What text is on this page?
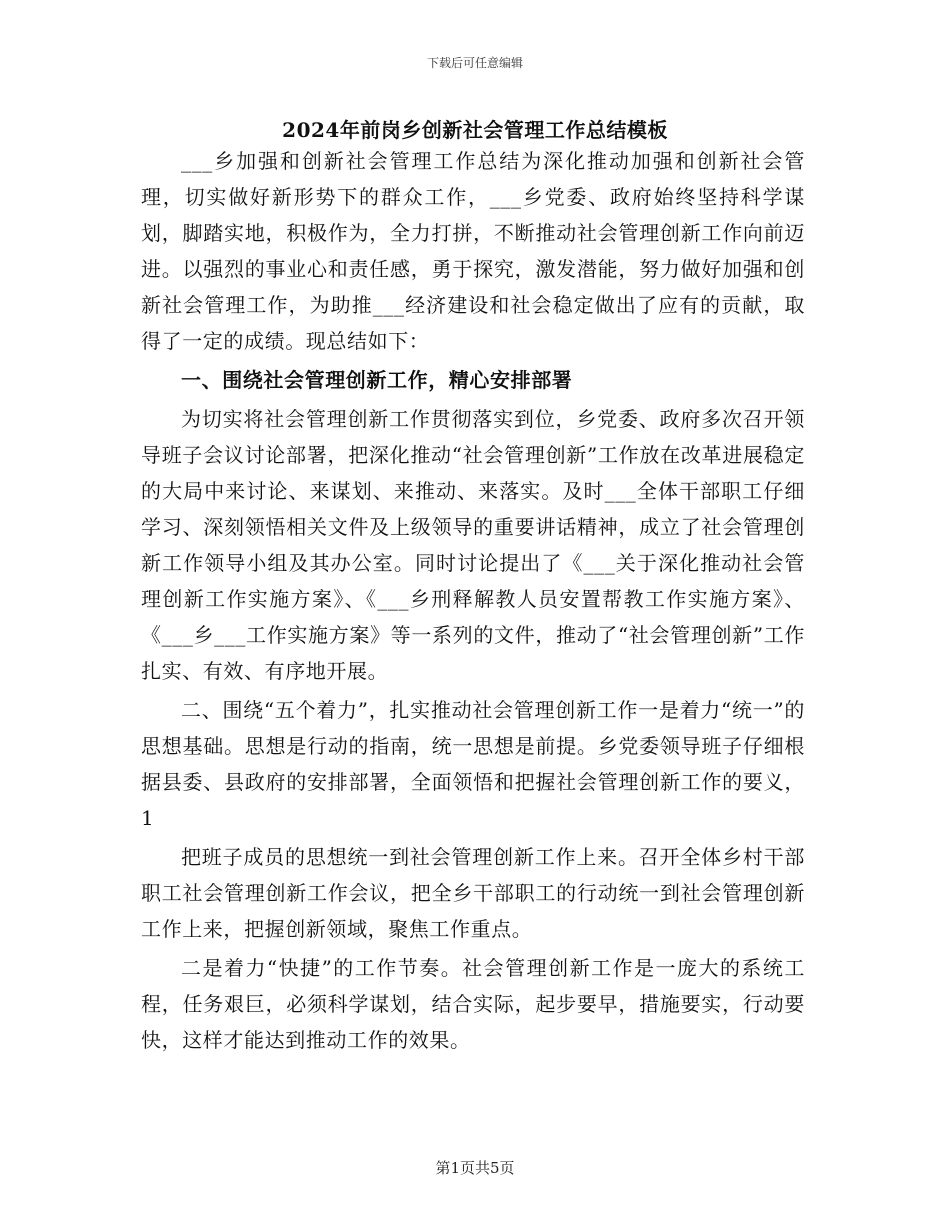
下载后可任意编辑
2024年前岗乡创新社会管理工作总结模板

___乡加强和创新社会管理工作总结为深化推动加强和创新社会管理，切实做好新形势下的群众工作，___乡党委、政府始终坚持科学谋划，脚踏实地，积极作为，全力打拼，不断推动社会管理创新工作向前迈进。以强烈的事业心和责任感，勇于探究，激发潜能，努力做好加强和创新社会管理工作，为助推___经济建设和社会稳定做出了应有的贡献，取得了一定的成绩。现总结如下：

一、围绕社会管理创新工作，精心安排部署

为切实将社会管理创新工作贯彻落实到位，乡党委、政府多次召开领导班子会议讨论部署，把深化推动“社会管理创新”工作放在改革进展稳定的大局中来讨论、来谋划、来推动、来落实。及时___全体干部职工仔细学习、深刻领悟相关文件及上级领导的重要讲话精神，成立了社会管理创新工作领导小组及其办公室。同时讨论提出了《___关于深化推动社会管理创新工作实施方案》、《___乡刑释解教人员安置帮教工作实施方案》、《___乡___工作实施方案》等一系列的文件，推动了“社会管理创新”工作扎实、有效、有序地开展。

二、围绕“五个着力”，扎实推动社会管理创新工作一是着力“统一”的思想基础。思想是行动的指南，统一思想是前提。乡党委领导班子仔细根据县委、县政府的安排部署，全面领悟和把握社会管理创新工作的要义，1

把班子成员的思想统一到社会管理创新工作上来。召开全体乡村干部职工社会管理创新工作会议，把全乡干部职工的行动统一到社会管理创新工作上来，把握创新领域，聚焦工作重点。

二是着力“快捷”的工作节奏。社会管理创新工作是一庞大的系统工程，任务艰巨，必须科学谋划，结合实际，起步要早，措施要实，行动要快，这样才能达到推动工作的效果。

第1页共5页
